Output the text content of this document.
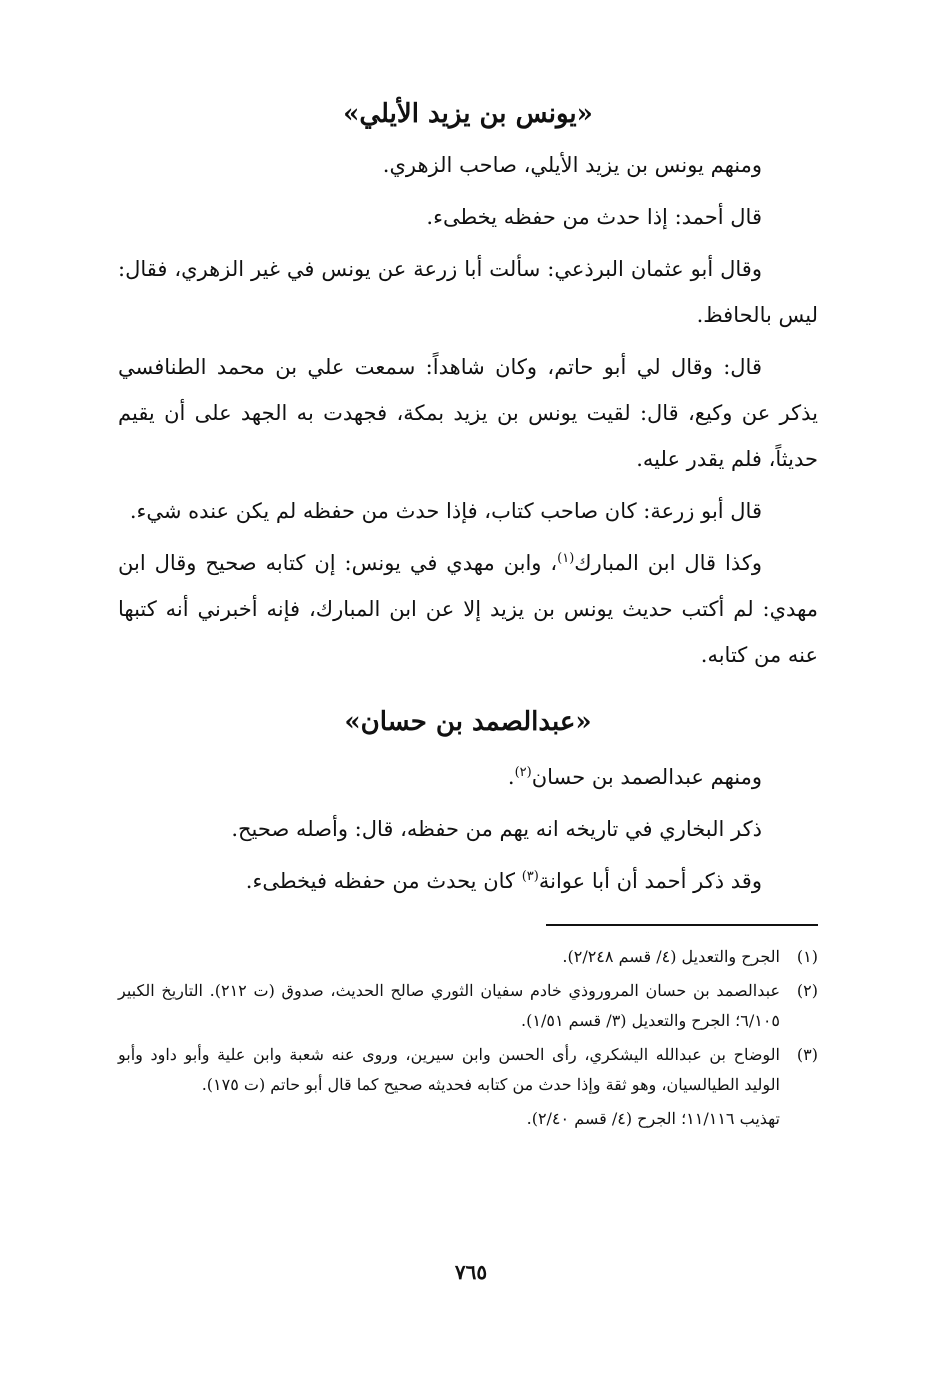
«يونس بن يزيد الأيلي»

ومنهم يونس بن يزيد الأيلي، صاحب الزهري.

قال أحمد: إذا حدث من حفظه يخطىء.

وقال أبو عثمان البرذعي: سألت أبا زرعة عن يونس في غير الزهري، فقال: ليس بالحافظ.

قال: وقال لي أبو حاتم، وكان شاهداً: سمعت علي بن محمد الطنافسي يذكر عن وكيع، قال: لقيت يونس بن يزيد بمكة، فجهدت به الجهد على أن يقيم حديثاً، فلم يقدر عليه.

قال أبو زرعة: كان صاحب كتاب، فإذا حدث من حفظه لم يكن عنده شيء.

وكذا قال ابن المبارك$^{(١)}$، وابن مهدي في يونس: إن كتابه صحيح وقال ابن مهدي: لم أكتب حديث يونس بن يزيد إلا عن ابن المبارك، فإنه أخبرني أنه كتبها عنه من كتابه.

«عبدالصمد بن حسان»

ومنهم عبدالصمد بن حسان$^{(٢)}$.

ذكر البخاري في تاريخه انه يهم من حفظه، قال: وأصله صحيح.

وقد ذكر أحمد أن أبا عوانة$^{(٣)}$ كان يحدث من حفظه فيخطىء.

(١)
الجرح والتعديل (٤/ قسم ٢/٢٤٨).
(٢)
عبدالصمد بن حسان المروروذي خادم سفيان الثوري صالح الحديث، صدوق (ت ٢١٢). التاريخ الكبير ٦/١٠٥؛ الجرح والتعديل (٣/ قسم ١/٥١).
(٣)
الوضاح بن عبدالله اليشكري، رأى الحسن وابن سيرين، وروى عنه شعبة وابن علية وأبو داود وأبو الوليد الطيالسيان، وهو ثقة وإذا حدث من كتابه فحديثه صحيح كما قال أبو حاتم (ت ١٧٥).

تهذيب ١١/١١٦؛ الجرح (٤/ قسم ٢/٤٠).

٧٦٥
